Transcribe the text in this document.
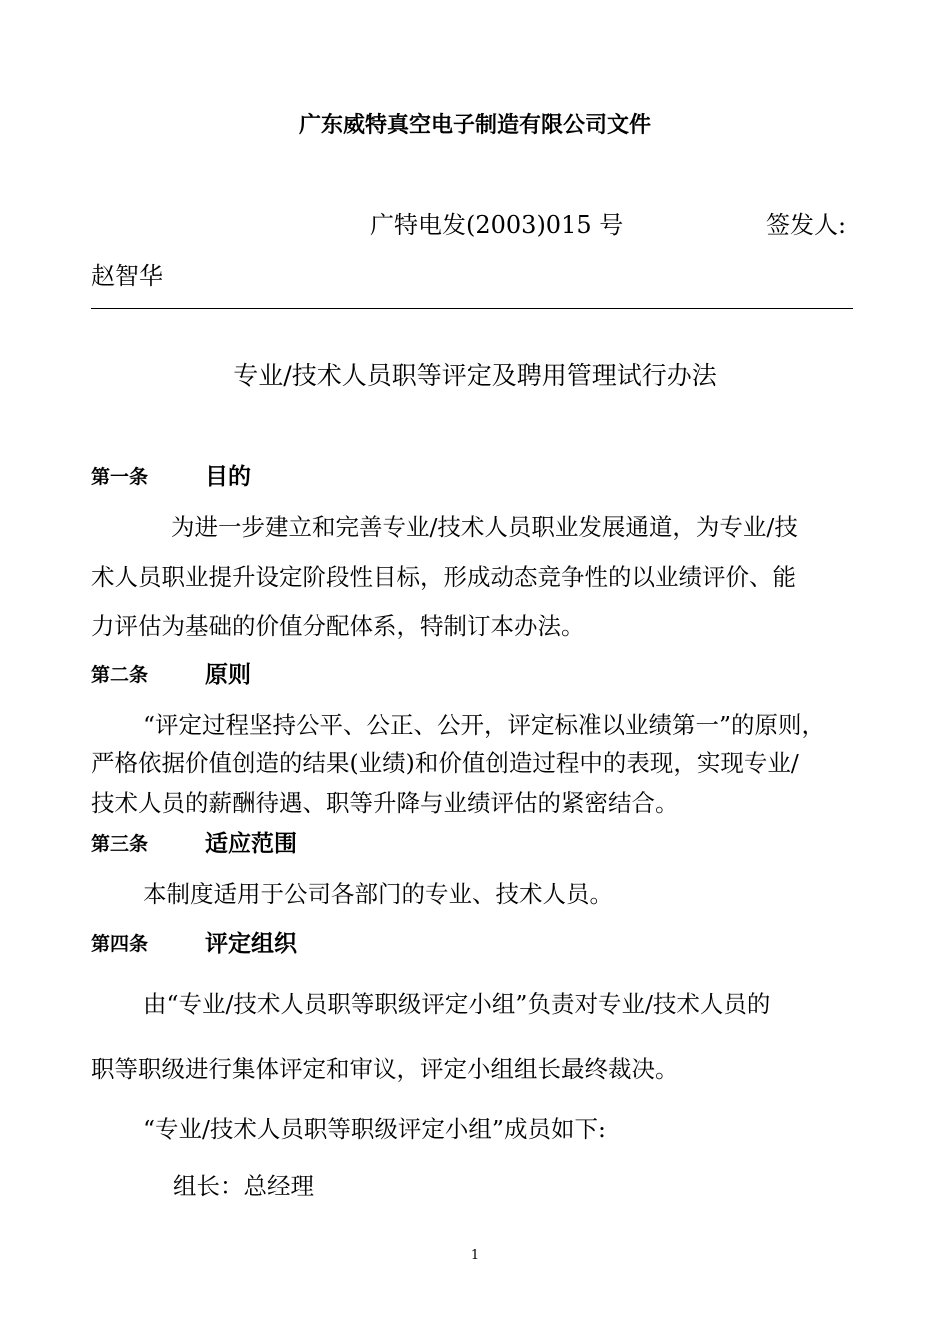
广东威特真空电子制造有限公司文件
广特电发(2003)015 号	签发人:
赵智华
专业/技术人员职等评定及聘用管理试行办法
第一条 目的
为进一步建立和完善专业/技术人员职业发展通道，为专业/技
术人员职业提升设定阶段性目标，形成动态竞争性的以业绩评价、能
力评估为基础的价值分配体系，特制订本办法。
第二条 原则
“评定过程坚持公平、公正、公开，评定标准以业绩第一”的原则，
严格依据价值创造的结果(业绩)和价值创造过程中的表现，实现专业/
技术人员的薪酬待遇、职等升降与业绩评估的紧密结合。
第三条 适应范围
本制度适用于公司各部门的专业、技术人员。
第四条 评定组织
由“专业/技术人员职等职级评定小组”负责对专业/技术人员的
职等职级进行集体评定和审议，评定小组组长最终裁决。
“专业/技术人员职等职级评定小组”成员如下:
组长：总经理
1
